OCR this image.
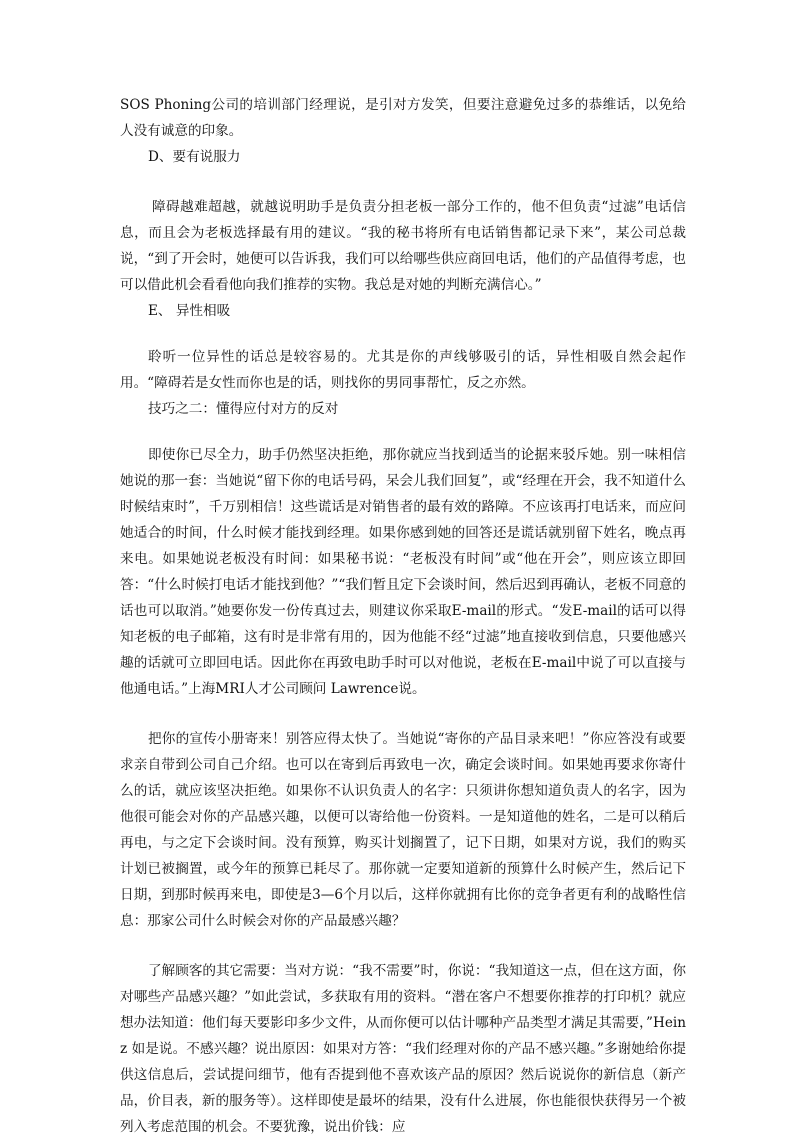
SOS Phoning公司的培训部门经理说，是引对方发笑，但要注意避免过多的恭维话，以免给人没有诚意的印象。

D、要有说服力

障碍越难超越，就越说明助手是负责分担老板一部分工作的，他不但负责“过滤”电话信息，而且会为老板选择最有用的建议。“我的秘书将所有电话销售都记录下来”，某公司总裁说，“到了开会时，她便可以告诉我，我们可以给哪些供应商回电话，他们的产品值得考虑，也可以借此机会看看他向我们推荐的实物。我总是对她的判断充满信心。”

E、 异性相吸

聆听一位异性的话总是较容易的。尤其是你的声线够吸引的话，异性相吸自然会起作用。“障碍若是女性而你也是的话，则找你的男同事帮忙，反之亦然。

技巧之二：懂得应付对方的反对

即使你已尽全力，助手仍然坚决拒绝，那你就应当找到适当的论据来驳斥她。别一味相信她说的那一套：当她说“留下你的电话号码，呆会儿我们回复”，或“经理在开会，我不知道什么时候结束时”，千万别相信！这些谎话是对销售者的最有效的路障。不应该再打电话来，而应问她适合的时间，什么时候才能找到经理。如果你感到她的回答还是谎话就别留下姓名，晚点再来电。如果她说老板没有时间：如果秘书说：“老板没有时间”或“他在开会”，则应该立即回答：“什么时候打电话才能找到他？”“我们暂且定下会谈时间，然后迟到再确认，老板不同意的话也可以取消。”她要你发一份传真过去，则建议你采取E-mail的形式。“发E-mail的话可以得知老板的电子邮箱，这有时是非常有用的，因为他能不经“过滤”地直接收到信息，只要他感兴趣的话就可立即回电话。因此你在再致电助手时可以对他说，老板在E-mail中说了可以直接与他通电话。”上海MRI人才公司顾问 Lawrence说。

把你的宣传小册寄来！别答应得太快了。当她说“寄你的产品目录来吧！”你应答没有或要求亲自带到公司自己介绍。也可以在寄到后再致电一次，确定会谈时间。如果她再要求你寄什么的话，就应该坚决拒绝。如果你不认识负责人的名字：只须讲你想知道负责人的名字，因为他很可能会对你的产品感兴趣，以便可以寄给他一份资料。一是知道他的姓名，二是可以稍后再电，与之定下会谈时间。没有预算，购买计划搁置了，记下日期，如果对方说，我们的购买计划已被搁置，或今年的预算已耗尽了。那你就一定要知道新的预算什么时候产生，然后记下日期，到那时候再来电，即使是3—6个月以后，这样你就拥有比你的竞争者更有利的战略性信息：那家公司什么时候会对你的产品最感兴趣？

了解顾客的其它需要：当对方说：“我不需要”时，你说：“我知道这一点，但在这方面，你对哪些产品感兴趣？”如此尝试，多获取有用的资料。“潜在客户不想要你推荐的打印机？就应想办法知道：他们每天要影印多少文件，从而你便可以估计哪种产品类型才满足其需要，”Heinz 如是说。不感兴趣？说出原因：如果对方答：“我们经理对你的产品不感兴趣。”多谢她给你提供这信息后，尝试提问细节，他有否提到他不喜欢该产品的原因？然后说说你的新信息（新产品，价目表，新的服务等）。这样即使是最坏的结果，没有什么进展，你也能很快获得另一个被列入考虑范围的机会。不要犹豫，说出价钱：应
